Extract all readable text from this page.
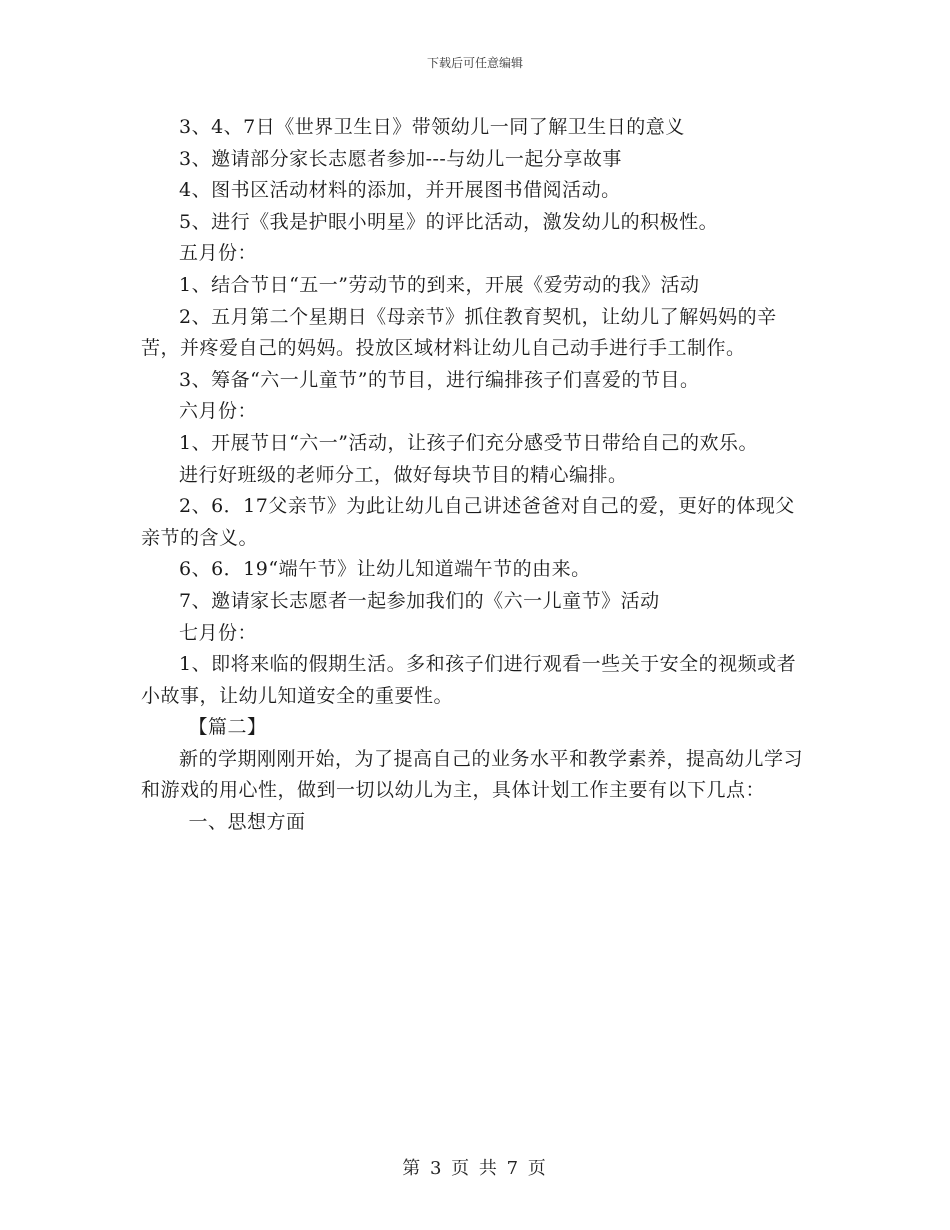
下载后可任意编辑

3、4、7日《世界卫生日》带领幼儿一同了解卫生日的意义

3、邀请部分家长志愿者参加---与幼儿一起分享故事

4、图书区活动材料的添加，并开展图书借阅活动。

5、进行《我是护眼小明星》的评比活动，激发幼儿的积极性。

五月份：

1、结合节日“五一”劳动节的到来，开展《爱劳动的我》活动

2、五月第二个星期日《母亲节》抓住教育契机，让幼儿了解妈妈的辛苦，并疼爱自己的妈妈。投放区域材料让幼儿自己动手进行手工制作。

3、筹备“六一儿童节”的节目，进行编排孩子们喜爱的节目。

六月份：

1、开展节日“六一”活动，让孩子们充分感受节日带给自己的欢乐。

进行好班级的老师分工，做好每块节目的精心编排。

2、6．17父亲节》为此让幼儿自己讲述爸爸对自己的爱，更好的体现父亲节的含义。

6、6．19“端午节》让幼儿知道端午节的由来。

7、邀请家长志愿者一起参加我们的《六一儿童节》活动

七月份：

1、即将来临的假期生活。多和孩子们进行观看一些关于安全的视频或者小故事，让幼儿知道安全的重要性。

【篇二】

新的学期刚刚开始，为了提高自己的业务水平和教学素养，提高幼儿学习和游戏的用心性，做到一切以幼儿为主，具体计划工作主要有以下几点：

一、思想方面

第 3 页 共 7 页
